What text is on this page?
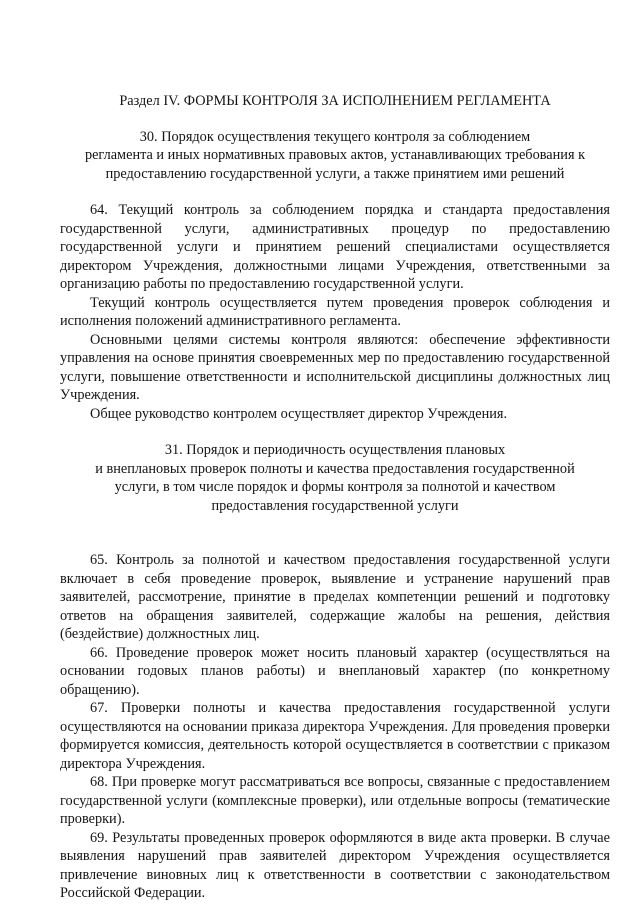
Раздел IV. ФОРМЫ КОНТРОЛЯ ЗА ИСПОЛНЕНИЕМ РЕГЛАМЕНТА
30. Порядок осуществления текущего контроля за соблюдением
регламента и иных нормативных правовых актов, устанавливающих требования к
предоставлению государственной услуги, а также принятием ими решений

64. Текущий контроль за соблюдением порядка и стандарта предоставления государственной услуги, административных процедур по предоставлению государственной услуги и принятием решений специалистами осуществляется директором Учреждения, должностными лицами Учреждения, ответственными за организацию работы по предоставлению государственной услуги.

Текущий контроль осуществляется путем проведения проверок соблюдения и исполнения положений административного регламента.

Основными целями системы контроля являются: обеспечение эффективности управления на основе принятия своевременных мер по предоставлению государственной услуги, повышение ответственности и исполнительской дисциплины должностных лиц Учреждения.

Общее руководство контролем осуществляет директор Учреждения.

31. Порядок и периодичность осуществления плановых
и внеплановых проверок полноты и качества предоставления государственной
услуги, в том числе порядок и формы контроля за полнотой и качеством
предоставления государственной услуги

65. Контроль за полнотой и качеством предоставления государственной услуги включает в себя проведение проверок, выявление и устранение нарушений прав заявителей, рассмотрение, принятие в пределах компетенции решений и подготовку ответов на обращения заявителей, содержащие жалобы на решения, действия (бездействие) должностных лиц.

66. Проведение проверок может носить плановый характер (осуществляться на основании годовых планов работы) и внеплановый характер (по конкретному обращению).

67. Проверки полноты и качества предоставления государственной услуги осуществляются на основании приказа директора Учреждения. Для проведения проверки формируется комиссия, деятельность которой осуществляется в соответствии с приказом директора Учреждения.

68. При проверке могут рассматриваться все вопросы, связанные с предоставлением государственной услуги (комплексные проверки), или отдельные вопросы (тематические проверки).

69. Результаты проведенных проверок оформляются в виде акта проверки. В случае выявления нарушений прав заявителей директором Учреждения осуществляется привлечение виновных лиц к ответственности в соответствии с законодательством Российской Федерации.
